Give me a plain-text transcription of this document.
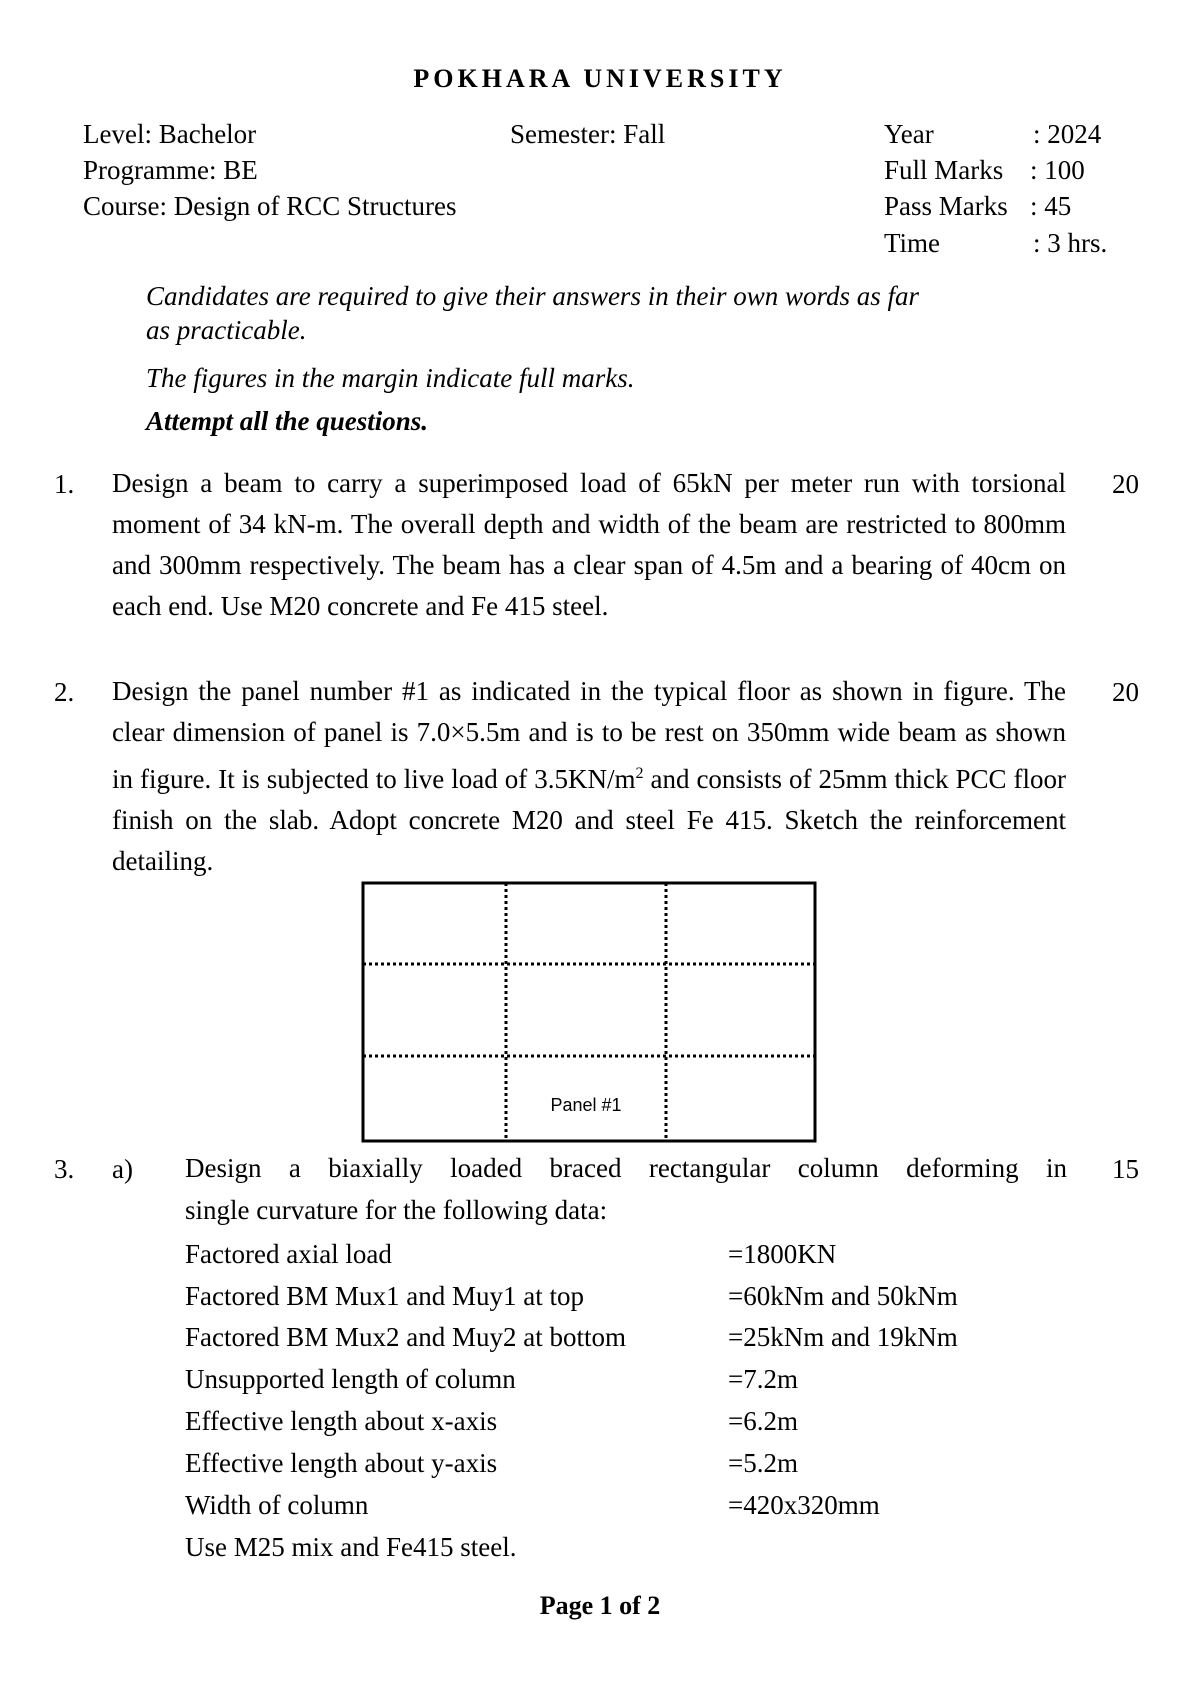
POKHARA UNIVERSITY
Level: Bachelor	Semester: Fall
Programme: BE
Course: Design of RCC Structures
Year	: 2024
Full Marks : 100
Pass Marks : 45
Time	: 3 hrs.
Candidates are required to give their answers in their own words as far
as practicable.
The figures in the margin indicate full marks.
Attempt all the questions.
1. Design a beam to carry a superimposed load of 65kN per meter run with torsional moment of 34 kN-m. The overall depth and width of the beam are restricted to 800mm and 300mm respectively. The beam has a clear span of 4.5m and a bearing of 40cm on each end. Use M20 concrete and Fe 415 steel.
20
2. Design the panel number #1 as indicated in the typical floor as shown in figure. The clear dimension of panel is 7.0×5.5m and is to be rest on 350mm wide beam as shown in figure. It is subjected to live load of $3.5KN/m^2$ and consists of 25mm thick PCC floor finish on the slab. Adopt concrete M20 and steel Fe 415. Sketch the reinforcement detailing.
20
Panel #1
3. a) Design a biaxially loaded braced rectangular column deforming in
single curvature for the following data:
15
Factored axial load	=1800KN
Factored BM Mux1 and Muy1 at top	=60kNm and 50kNm
Factored BM Mux2 and Muy2 at bottom	=25kNm and 19kNm
Unsupported length of column	=7.2m
Effective length about x-axis	=6.2m
Effective length about y-axis	=5.2m
Width of column	=420x320mm
Use M25 mix and Fe415 steel.
Page 1 of 2
